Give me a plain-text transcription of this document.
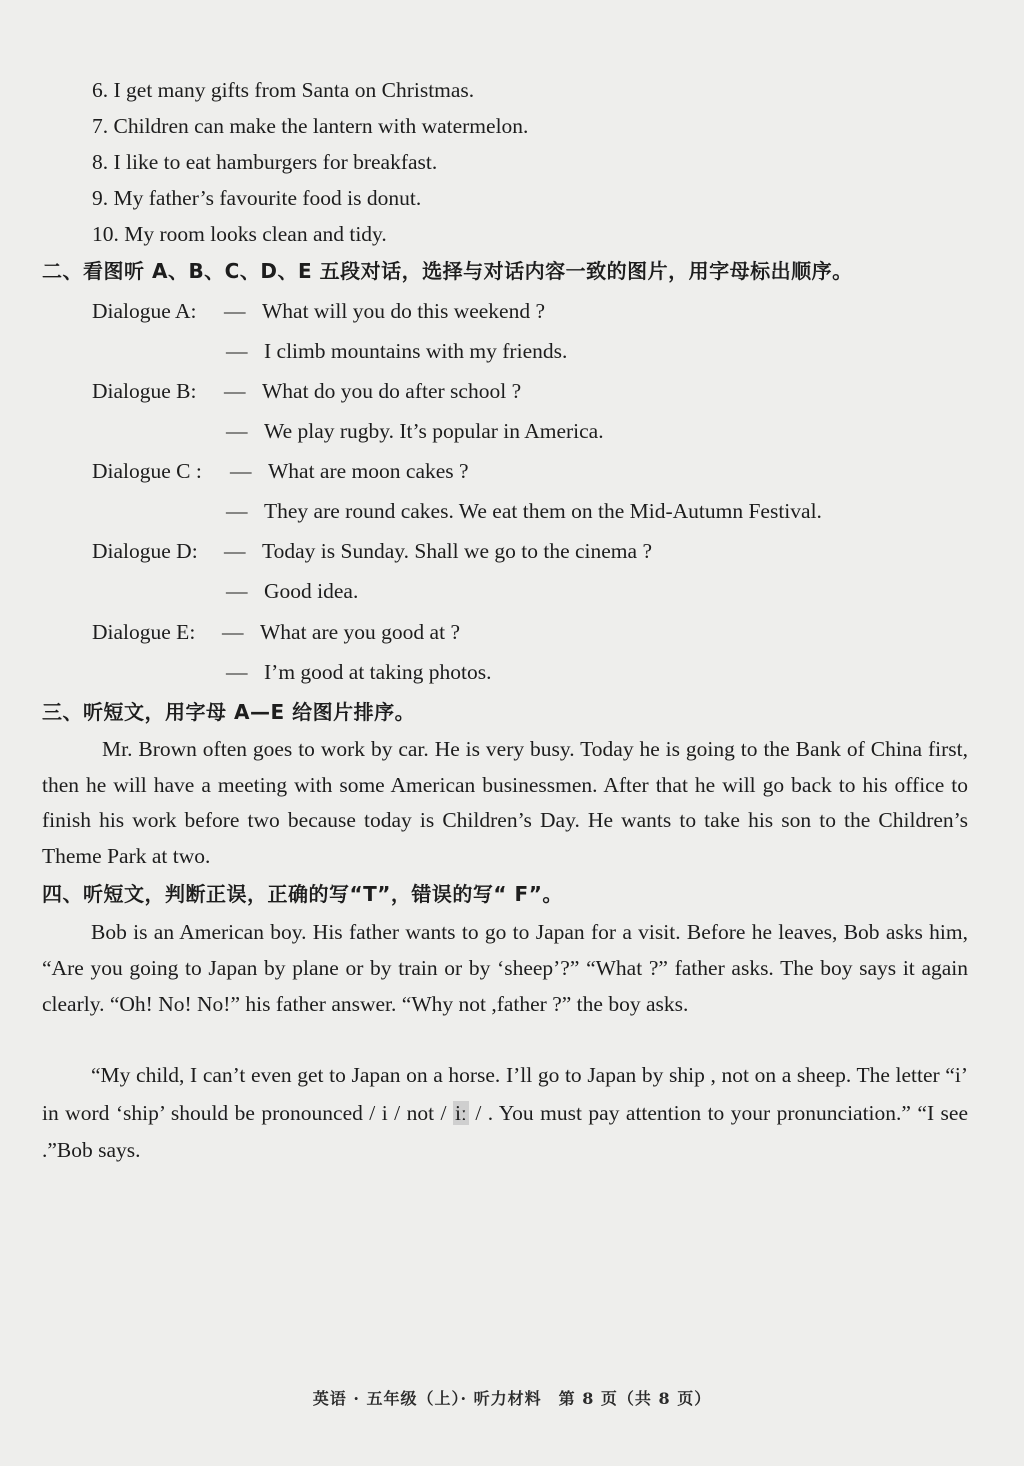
6. I get many gifts from Santa on Christmas.
7. Children can make the lantern with watermelon.
8. I like to eat hamburgers for breakfast.
9. My father’s favourite food is donut.
10. My room looks clean and tidy.
二、看图听 A、B、C、D、E 五段对话，选择与对话内容一致的图片，用字母标出顺序。
Dialogue A: — What will you do this weekend ?
— I climb mountains with my friends.
Dialogue B: — What do you do after school ?
— We play rugby. It’s popular in America.
Dialogue C : — What are moon cakes ?
— They are round cakes. We eat them on the Mid-Autumn Festival.
Dialogue D: — Today is Sunday. Shall we go to the cinema ?
— Good idea.
Dialogue E: — What are you good at ?
— I’m good at taking photos.
三、听短文，用字母 A—E 给图片排序。

Mr. Brown often goes to work by car. He is very busy. Today he is going to the Bank of China first, then he will have a meeting with some American businessmen. After that he will go back to his office to finish his work before two because today is Children’s Day. He wants to take his son to the Children’s Theme Park at two.

四、听短文，判断正误，正确的写“T”，错误的写“ F”。

Bob is an American boy. His father wants to go to Japan for a visit. Before he leaves, Bob asks him, “Are you going to Japan by plane or by train or by ‘sheep’?” “What ?” father asks. The boy says it again clearly. “Oh! No! No!” his father answer. “Why not ,father ?” the boy asks.

“My child, I can’t even get to Japan on a horse. I’ll go to Japan by ship , not on a sheep. The letter “i’ in word ‘ship’ should be pronounced / i / not / iː / . You must pay attention to your pronunciation.” “I see .”Bob says.

英语 · 五年级（上）· 听力材料　第 8 页（共 8 页）
